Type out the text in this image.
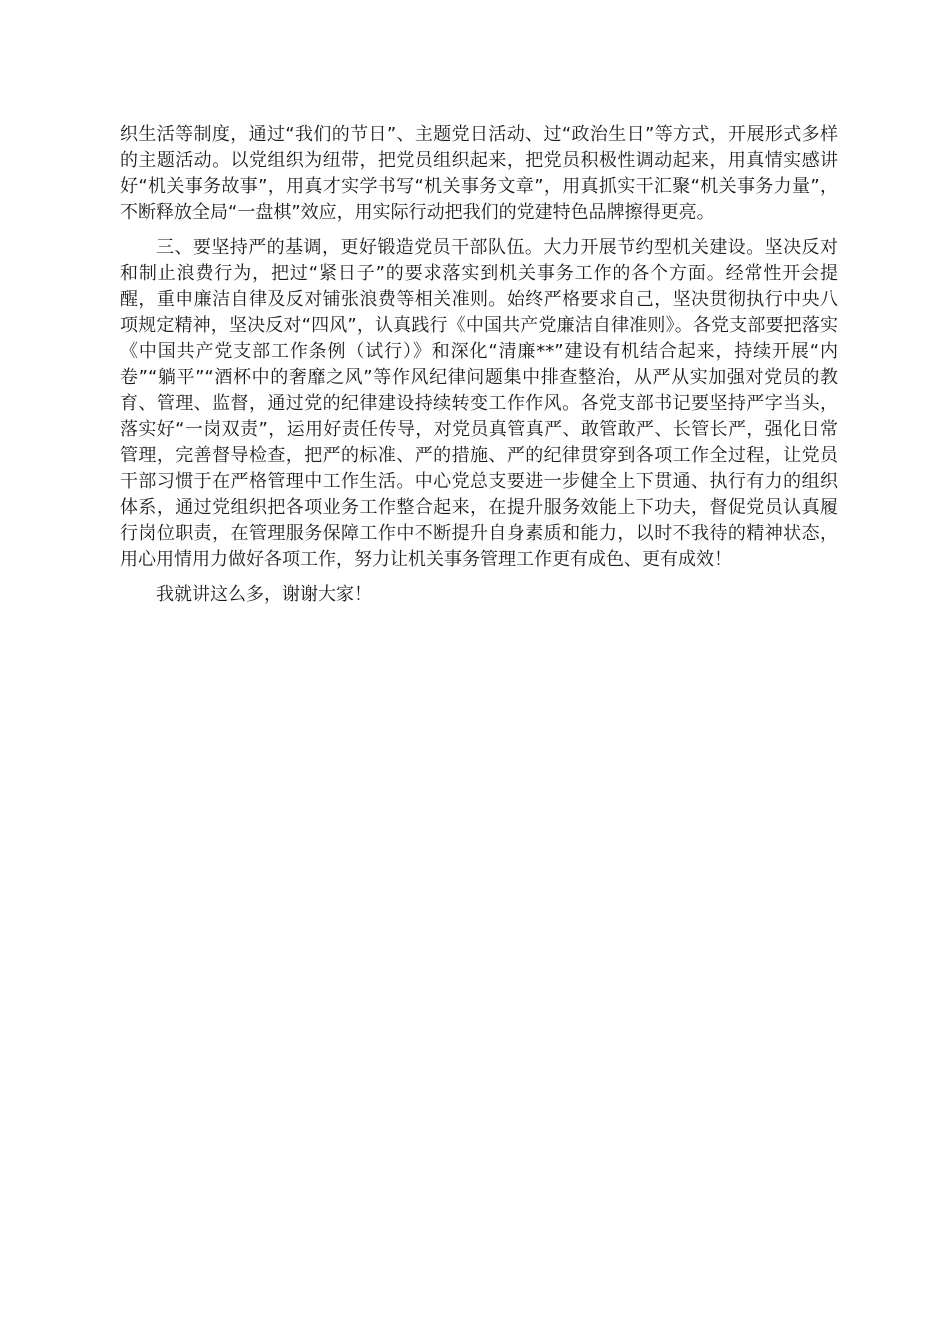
织生活等制度，通过“我们的节日”、主题党日活动、过“政治生日”等方式，开展形式多样的主题活动。以党组织为纽带，把党员组织起来，把党员积极性调动起来，用真情实感讲好“机关事务故事”，用真才实学书写“机关事务文章”，用真抓实干汇聚“机关事务力量”，不断释放全局“一盘棋”效应，用实际行动把我们的党建特色品牌擦得更亮。

三、要坚持严的基调，更好锻造党员干部队伍。大力开展节约型机关建设。坚决反对和制止浪费行为，把过“紧日子”的要求落实到机关事务工作的各个方面。经常性开会提醒，重申廉洁自律及反对铺张浪费等相关准则。始终严格要求自己，坚决贯彻执行中央八项规定精神，坚决反对“四风”，认真践行《中国共产党廉洁自律准则》。各党支部要把落实《中国共产党支部工作条例（试行）》和深化“清廉**”建设有机结合起来，持续开展“内卷”“躺平”“酒杯中的奢靡之风”等作风纪律问题集中排查整治，从严从实加强对党员的教育、管理、监督，通过党的纪律建设持续转变工作作风。各党支部书记要坚持严字当头，落实好“一岗双责”，运用好责任传导，对党员真管真严、敢管敢严、长管长严，强化日常管理，完善督导检查，把严的标准、严的措施、严的纪律贯穿到各项工作全过程，让党员干部习惯于在严格管理中工作生活。中心党总支要进一步健全上下贯通、执行有力的组织体系，通过党组织把各项业务工作整合起来，在提升服务效能上下功夫，督促党员认真履行岗位职责，在管理服务保障工作中不断提升自身素质和能力，以时不我待的精神状态，用心用情用力做好各项工作，努力让机关事务管理工作更有成色、更有成效！

我就讲这么多，谢谢大家！
